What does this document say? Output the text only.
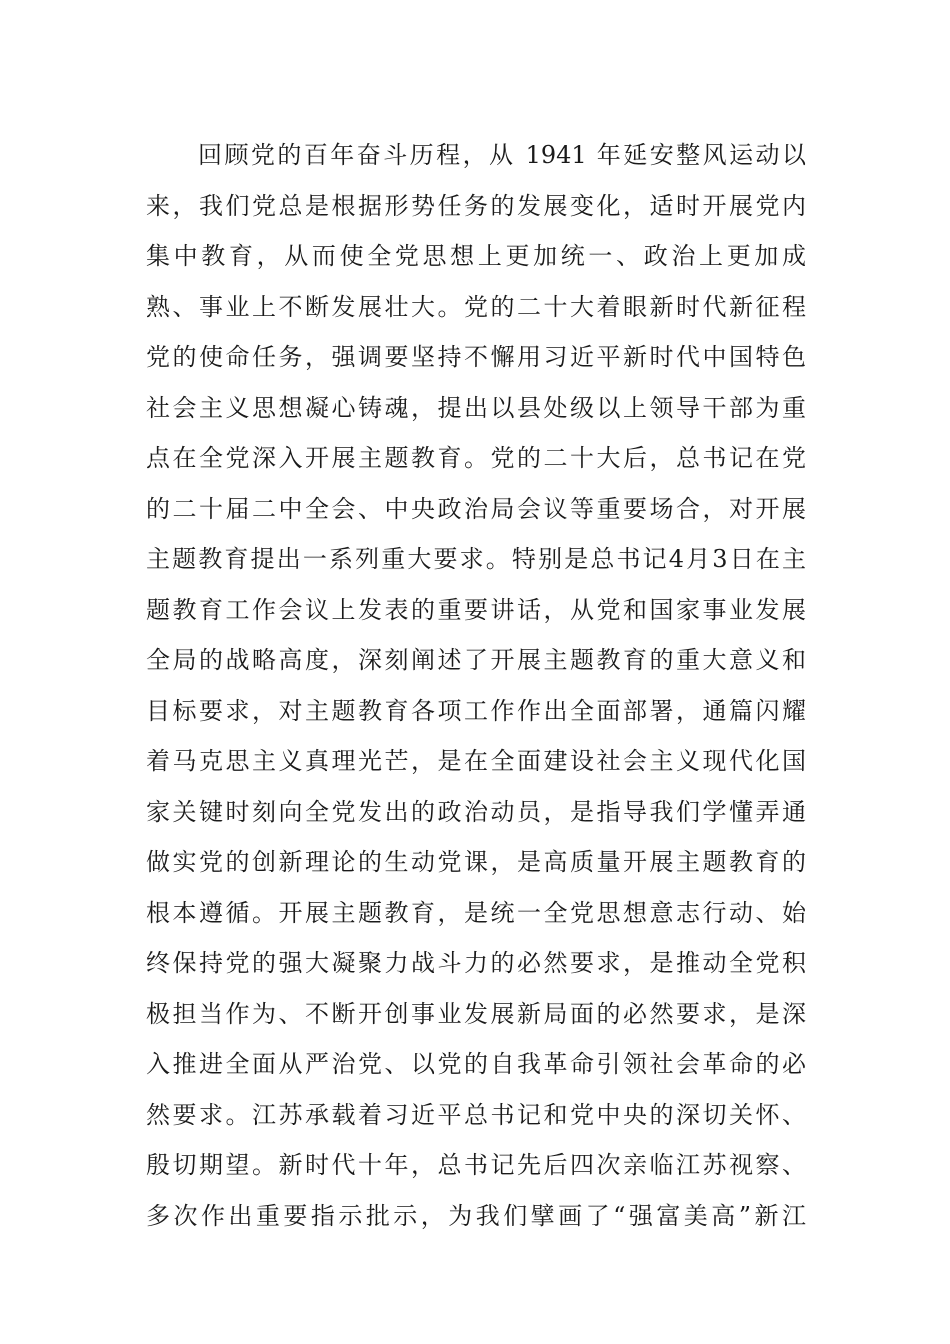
回顾党的百年奋斗历程，从 1941 年延安整风运动以
来，我们党总是根据形势任务的发展变化，适时开展党内
集中教育，从而使全党思想上更加统一、政治上更加成
熟、事业上不断发展壮大。党的二十大着眼新时代新征程
党的使命任务，强调要坚持不懈用习近平新时代中国特色
社会主义思想凝心铸魂，提出以县处级以上领导干部为重
点在全党深入开展主题教育。党的二十大后，总书记在党
的二十届二中全会、中央政治局会议等重要场合，对开展
主题教育提出一系列重大要求。特别是总书记4月3日在主
题教育工作会议上发表的重要讲话，从党和国家事业发展
全局的战略高度，深刻阐述了开展主题教育的重大意义和
目标要求，对主题教育各项工作作出全面部署，通篇闪耀
着马克思主义真理光芒，是在全面建设社会主义现代化国
家关键时刻向全党发出的政治动员，是指导我们学懂弄通
做实党的创新理论的生动党课，是高质量开展主题教育的
根本遵循。开展主题教育，是统一全党思想意志行动、始
终保持党的强大凝聚力战斗力的必然要求，是推动全党积
极担当作为、不断开创事业发展新局面的必然要求，是深
入推进全面从严治党、以党的自我革命引领社会革命的必
然要求。江苏承载着习近平总书记和党中央的深切关怀、
殷切期望。新时代十年，总书记先后四次亲临江苏视察、
多次作出重要指示批示，为我们擘画了“强富美高”新江
